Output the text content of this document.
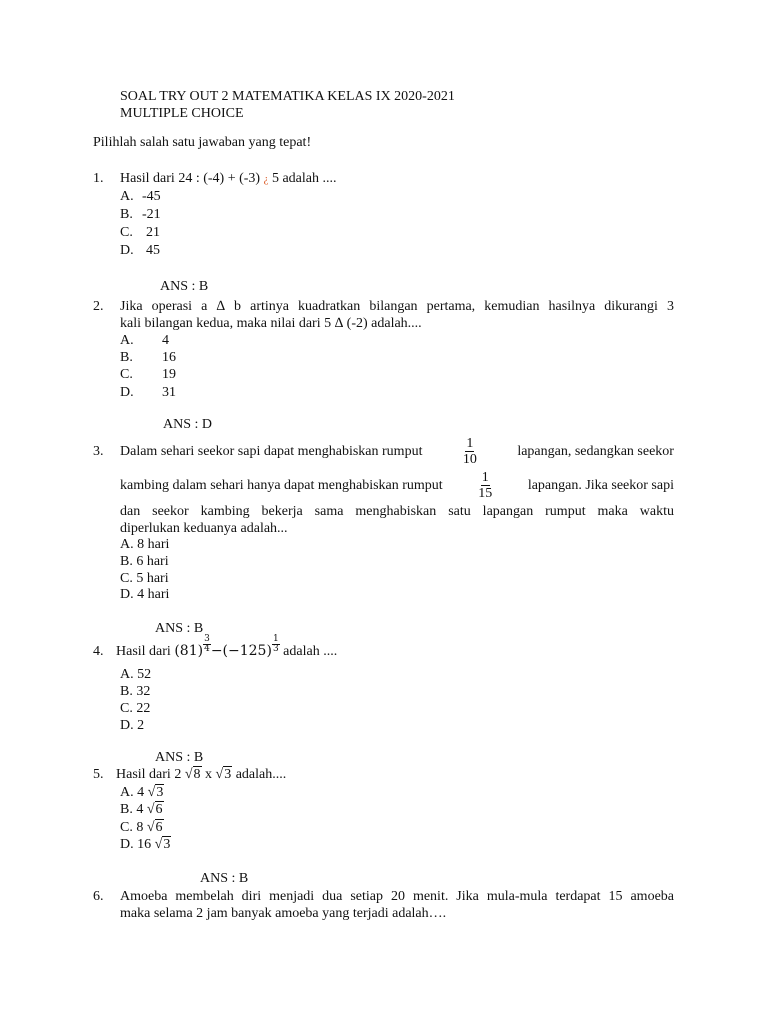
SOAL TRY OUT 2 MATEMATIKA KELAS IX 2020-2021
MULTIPLE CHOICE
Pilihlah salah satu jawaban yang tepat!
1. Hasil dari 24 : (-4) + (-3) ¿ 5 adalah ....
A. -45
B. -21
C. 21
D. 45
ANS : B
2. Jika operasi a ∆ b artinya kuadratkan bilangan pertama, kemudian hasilnya dikurangi 3
kali bilangan kedua, maka nilai dari 5 ∆ (-2) adalah....
A. 4
B. 16
C. 19
D. 31
ANS : D
3. Dalam sehari seekor sapi dapat menghabiskan rumput	$\frac{1}{10}$	lapangan, sedangkan seekor
kambing dalam sehari hanya dapat menghabiskan rumput $\frac{1}{15}$ lapangan. Jika seekor sapi
dan seekor kambing bekerja sama menghabiskan satu lapangan rumput maka waktu
diperlukan keduanya adalah...
A. 8 hari
B. 6 hari
C. 5 hari
D. 4 hari
ANS : B
4. Hasil dari $(81) \frac{3}{4} -(-125) \frac{1}{3}$ adalah ....
A. 52
B. 32
C. 22
D. 2
ANS : B
5. Hasil dari 2 √8 x √3 adalah....
A. 4 √3
B. 4 √6
C. 8 √6
D. 16 √3
ANS : B
6. Amoeba membelah diri menjadi dua setiap 20 menit. Jika mula-mula terdapat 15 amoeba
maka selama 2 jam banyak amoeba yang terjadi adalah….
